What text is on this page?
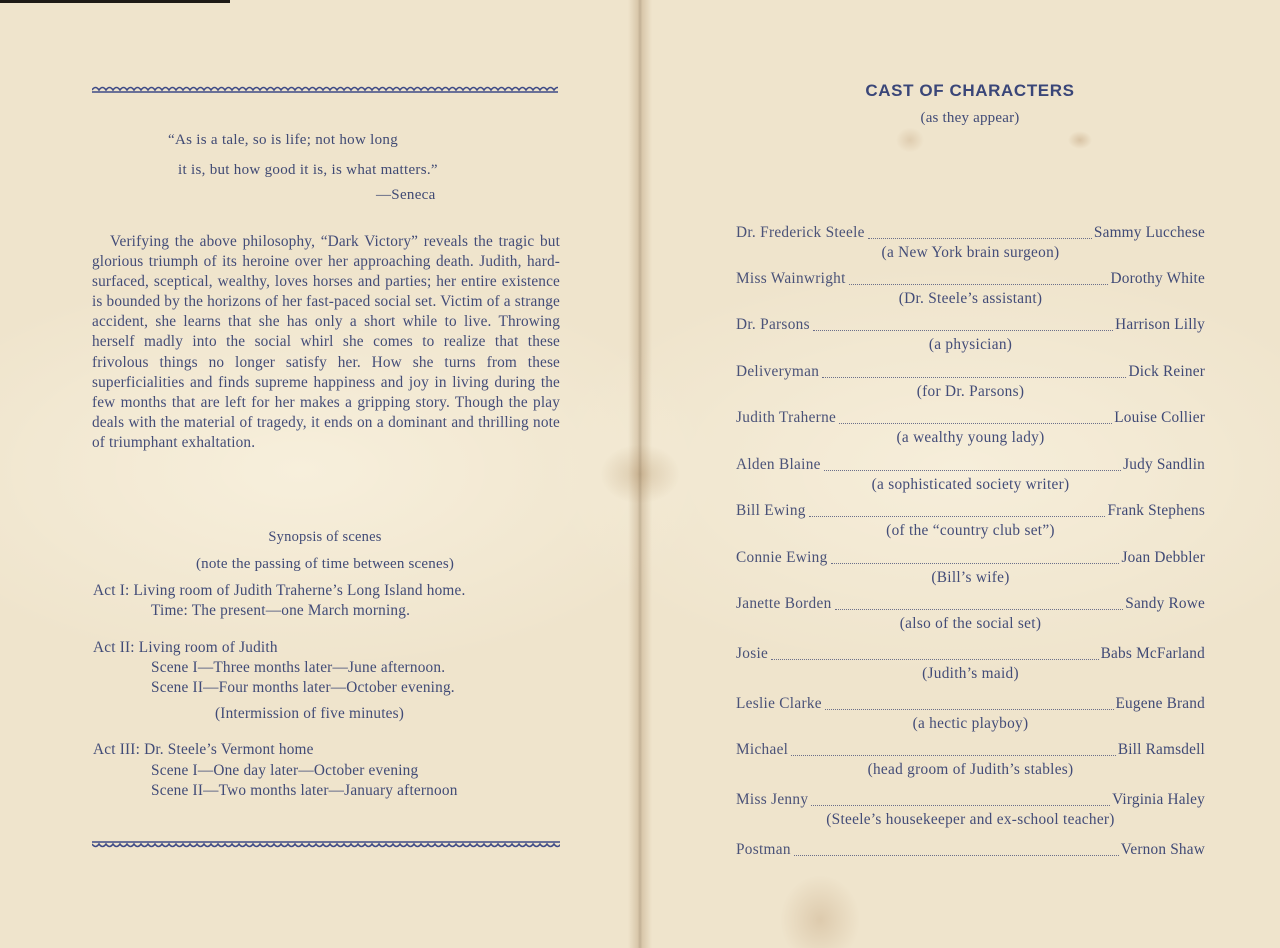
“As is a tale, so is life; not how long
it is, but how good it is, is what matters.”
—Seneca
Verifying the above philosophy, “Dark Victory” reveals the tragic but glorious triumph of its heroine over her approaching death. Judith, hard-surfaced, sceptical, wealthy, loves horses and parties; her entire existence is bounded by the horizons of her fast-paced social set. Victim of a strange accident, she learns that she has only a short while to live. Throwing herself madly into the social whirl she comes to realize that these frivolous things no longer satisfy her. How she turns from these superficialities and finds supreme happiness and joy in living during the few months that are left for her makes a gripping story. Though the play deals with the material of tragedy, it ends on a dominant and thrilling note of triumphant exhaltation.
Synopsis of scenes
(note the passing of time between scenes)
Act I: Living room of Judith Traherne’s Long Island home.
Time: The present—one March morning.
Act II: Living room of Judith
Scene I—Three months later—June afternoon.
Scene II—Four months later—October evening.
(Intermission of five minutes)
Act III: Dr. Steele’s Vermont home
Scene I—One day later—October evening
Scene II—Two months later—January afternoon
CAST OF CHARACTERS
(as they appear)
Dr. Frederick Steele	Sammy Lucchese
(a New York brain surgeon)
Miss Wainwright	Dorothy White
(Dr. Steele’s assistant)
Dr. Parsons	Harrison Lilly
(a physician)
Deliveryman	Dick Reiner
(for Dr. Parsons)
Judith Traherne	Louise Collier
(a wealthy young lady)
Alden Blaine	Judy Sandlin
(a sophisticated society writer)
Bill Ewing	Frank Stephens
(of the “country club set”)
Connie Ewing	Joan Debbler
(Bill’s wife)
Janette Borden	Sandy Rowe
(also of the social set)
Josie	Babs McFarland
(Judith’s maid)
Leslie Clarke	Eugene Brand
(a hectic playboy)
Michael	Bill Ramsdell
(head groom of Judith’s stables)
Miss Jenny	Virginia Haley
(Steele’s housekeeper and ex-school teacher)
Postman	Vernon Shaw
